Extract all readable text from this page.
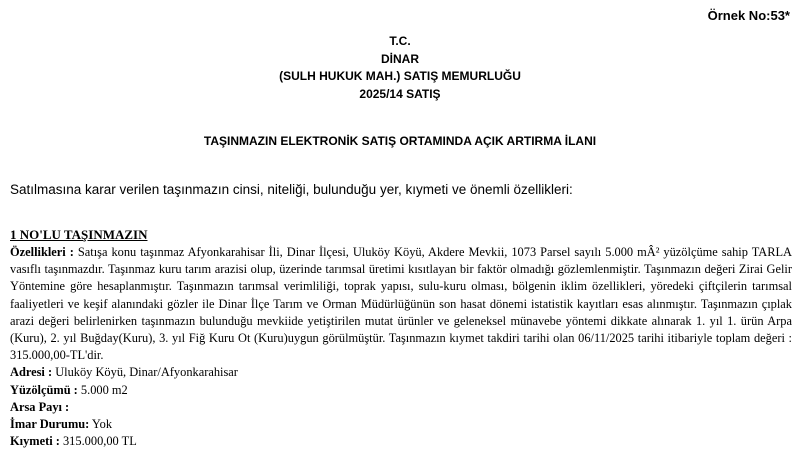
Örnek No:53*
T.C.
DİNAR
(SULH HUKUK MAH.) SATIŞ MEMURLUĞU
2025/14 SATIŞ
TAŞINMAZIN ELEKTRONİK SATIŞ ORTAMINDA AÇIK ARTIRMA İLANI
Satılmasına karar verilen taşınmazın cinsi, niteliği, bulunduğu yer, kıymeti ve önemli özellikleri:
1 NO'LU TAŞINMAZIN

Özellikleri : Satışa konu taşınmaz Afyonkarahisar İli, Dinar İlçesi, Uluköy Köyü, Akdere Mevkii, 1073 Parsel sayılı 5.000 mÂ² yüzölçüme sahip TARLA vasıflı taşınmazdır. Taşınmaz kuru tarım arazisi olup, üzerinde tarımsal üretimi kısıtlayan bir faktör olmadığı gözlemlenmiştir. Taşınmazın değeri Zirai Gelir Yöntemine göre hesaplanmıştır. Taşınmazın tarımsal verimliliği, toprak yapısı, sulu-kuru olması, bölgenin iklim özellikleri, yöredeki çiftçilerin tarımsal faaliyetleri ve keşif alanındaki gözler ile Dinar İlçe Tarım ve Orman Müdürlüğünün son hasat dönemi istatistik kayıtları esas alınmıştır. Taşınmazın çıplak arazi değeri belirlenirken taşınmazın bulunduğu mevkiide yetiştirilen mutat ürünler ve geleneksel münavebe yöntemi dikkate alınarak 1. yıl 1. ürün Arpa (Kuru), 2. yıl Buğday(Kuru), 3. yıl Fiğ Kuru Ot (Kuru)uygun görülmüştür. Taşınmazın kıymet takdiri tarihi olan 06/11/2025 tarihi itibariyle toplam değeri : 315.000,00-TL'dir.

Adresi : Uluköy Köyü, Dinar/Afyonkarahisar

Yüzölçümü : 5.000 m2

Arsa Payı :

İmar Durumu: Yok

Kıymeti : 315.000,00 TL
